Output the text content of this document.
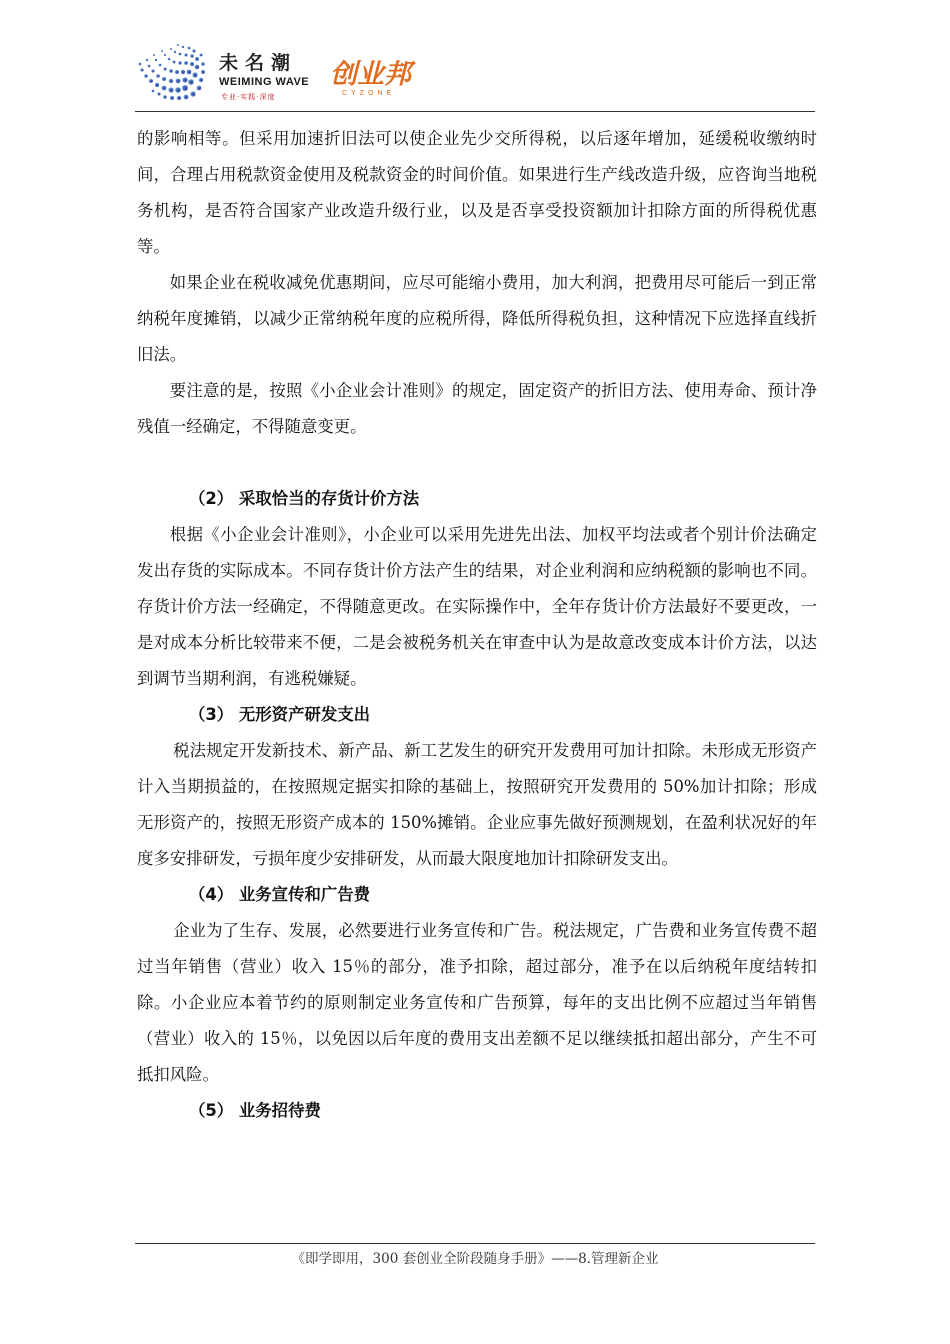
未名潮
WEIMING WAVE
专业·实践·深度
创业邦
CYZONE

的影响相等。但采用加速折旧法可以使企业先少交所得税，以后逐年增加，延缓税收缴纳时间，合理占用税款资金使用及税款资金的时间价值。如果进行生产线改造升级，应咨询当地税务机构，是否符合国家产业改造升级行业，以及是否享受投资额加计扣除方面的所得税优惠等。

如果企业在税收减免优惠期间，应尽可能缩小费用，加大利润，把费用尽可能后一到正常纳税年度摊销，以减少正常纳税年度的应税所得，降低所得税负担，这种情况下应选择直线折旧法。

要注意的是，按照《小企业会计准则》的规定，固定资产的折旧方法、使用寿命、预计净残值一经确定，不得随意变更。

（2） 采取恰当的存货计价方法

根据《小企业会计准则》，小企业可以采用先进先出法、加权平均法或者个别计价法确定发出存货的实际成本。不同存货计价方法产生的结果，对企业利润和应纳税额的影响也不同。存货计价方法一经确定，不得随意更改。在实际操作中，全年存货计价方法最好不要更改，一是对成本分析比较带来不便，二是会被税务机关在审查中认为是故意改变成本计价方法，以达到调节当期利润，有逃税嫌疑。

（3） 无形资产研发支出

税法规定开发新技术、新产品、新工艺发生的研究开发费用可加计扣除。未形成无形资产计入当期损益的，在按照规定据实扣除的基础上，按照研究开发费用的 50%加计扣除；形成无形资产的，按照无形资产成本的 150%摊销。企业应事先做好预测规划，在盈利状况好的年度多安排研发，亏损年度少安排研发，从而最大限度地加计扣除研发支出。

（4） 业务宣传和广告费

企业为了生存、发展，必然要进行业务宣传和广告。税法规定，广告费和业务宣传费不超过当年销售（营业）收入 15％的部分，准予扣除，超过部分，准予在以后纳税年度结转扣除。小企业应本着节约的原则制定业务宣传和广告预算，每年的支出比例不应超过当年销售（营业）收入的 15％，以免因以后年度的费用支出差额不足以继续抵扣超出部分，产生不可抵扣风险。

（5） 业务招待费

《即学即用，300 套创业全阶段随身手册》——8.管理新企业
